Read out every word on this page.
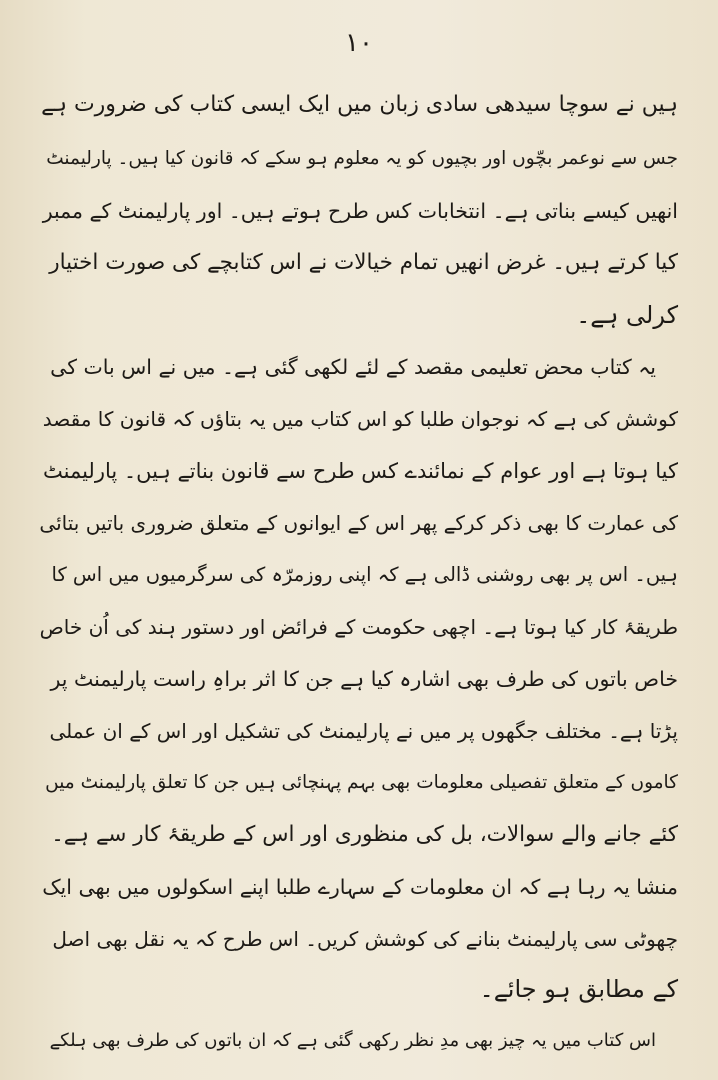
۱۰
ہیں نے سوچا سیدھی سادی زبان میں ایک ایسی کتاب کی ضرورت ہے
جس سے نوعمر بچّوں اور بچیوں کو یہ معلوم ہو سکے کہ قانون کیا ہیں۔ پارلیمنٹ
انھیں کیسے بناتی ہے۔ انتخابات کس طرح ہوتے ہیں۔ اور پارلیمنٹ کے ممبر
کیا کرتے ہیں۔ غرض انھیں تمام خیالات نے اس کتابچے کی صورت اختیار
کرلی ہے۔
یہ کتاب محض تعلیمی مقصد کے لئے لکھی گئی ہے۔ میں نے اس بات کی
کوشش کی ہے کہ نوجوان طلبا کو اس کتاب میں یہ بتاؤں کہ قانون کا مقصد
کیا ہوتا ہے اور عوام کے نمائندے کس طرح سے قانون بناتے ہیں۔ پارلیمنٹ
کی عمارت کا بھی ذکر کرکے پھر اس کے ایوانوں کے متعلق ضروری باتیں بتائی
ہیں۔ اس پر بھی روشنی ڈالی ہے کہ اپنی روزمرّہ کی سرگرمیوں میں اس کا
طریقۂ کار کیا ہوتا ہے۔ اچھی حکومت کے فرائض اور دستور ہند کی اُن خاص
خاص باتوں کی طرف بھی اشارہ کیا ہے جن کا اثر براہِ راست پارلیمنٹ پر
پڑتا ہے۔ مختلف جگھوں پر میں نے پارلیمنٹ کی تشکیل اور اس کے ان عملی
کاموں کے متعلق تفصیلی معلومات بھی بہم پہنچائی ہیں جن کا تعلق پارلیمنٹ میں
کئے جانے والے سوالات، بل کی منظوری اور اس کے طریقۂ کار سے ہے۔
منشا یہ رہا ہے کہ ان معلومات کے سہارے طلبا اپنے اسکولوں میں بھی ایک
چھوٹی سی پارلیمنٹ بنانے کی کوشش کریں۔ اس طرح کہ یہ نقل بھی اصل
کے مطابق ہو جائے۔
اس کتاب میں یہ چیز بھی مدِ نظر رکھی گئی ہے کہ ان باتوں کی طرف بھی ہلکے
